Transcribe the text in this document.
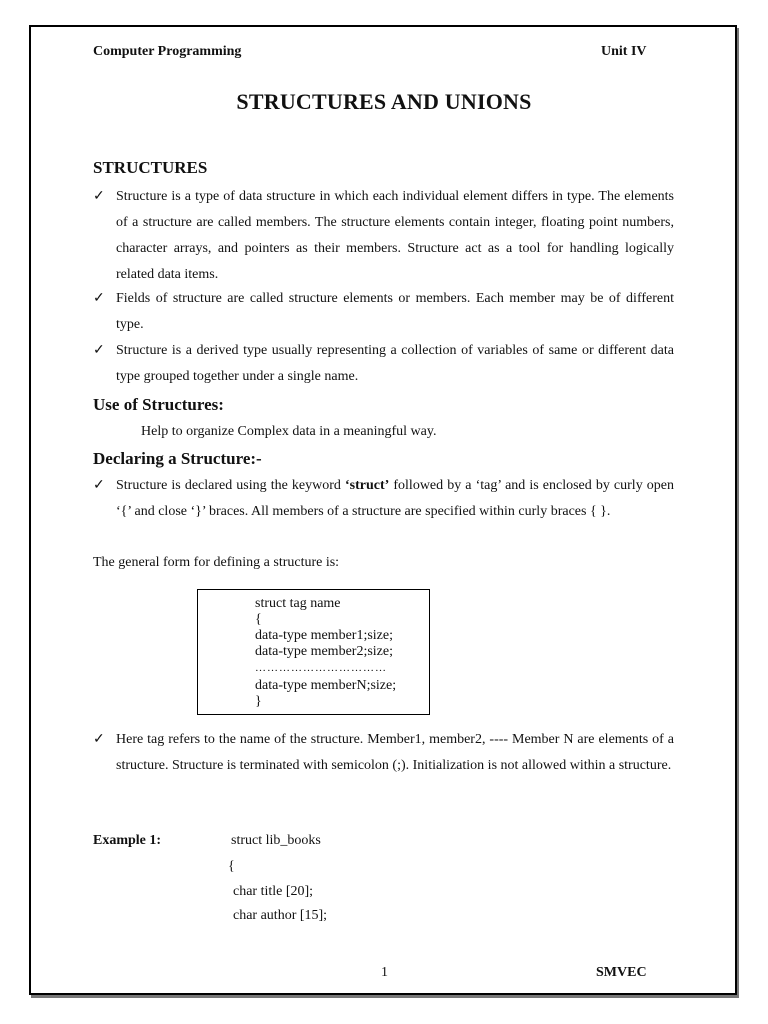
Computer Programming	Unit IV
STRUCTURES AND UNIONS
STRUCTURES
✓ Structure is a type of data structure in which each individual element differs in type. The elements of a structure are called members. The structure elements contain integer, floating point numbers, character arrays, and pointers as their members. Structure act as a tool for handling logically related data items.
✓ Fields of structure are called structure elements or members. Each member may be of different type.
✓ Structure is a derived type usually representing a collection of variables of same or different data type grouped together under a single name.
Use of Structures:
Help to organize Complex data in a meaningful way.
Declaring a Structure:-
✓ Structure is declared using the keyword ‘struct’ followed by a ‘tag’ and is enclosed by curly open ‘{’ and close ‘}’ braces. All members of a structure are specified within curly braces { }.
The general form for defining a structure is:
struct tag name
{
data-type member1;size;
data-type member2;size;
……………………………
data-type memberN;size;
}
✓ Here tag refers to the name of the structure. Member1, member2, ---- Member N are elements of a structure. Structure is terminated with semicolon (;). Initialization is not allowed within a structure.
Example 1:	struct lib_books
{
char title [20];
char author [15];
1	SMVEC
